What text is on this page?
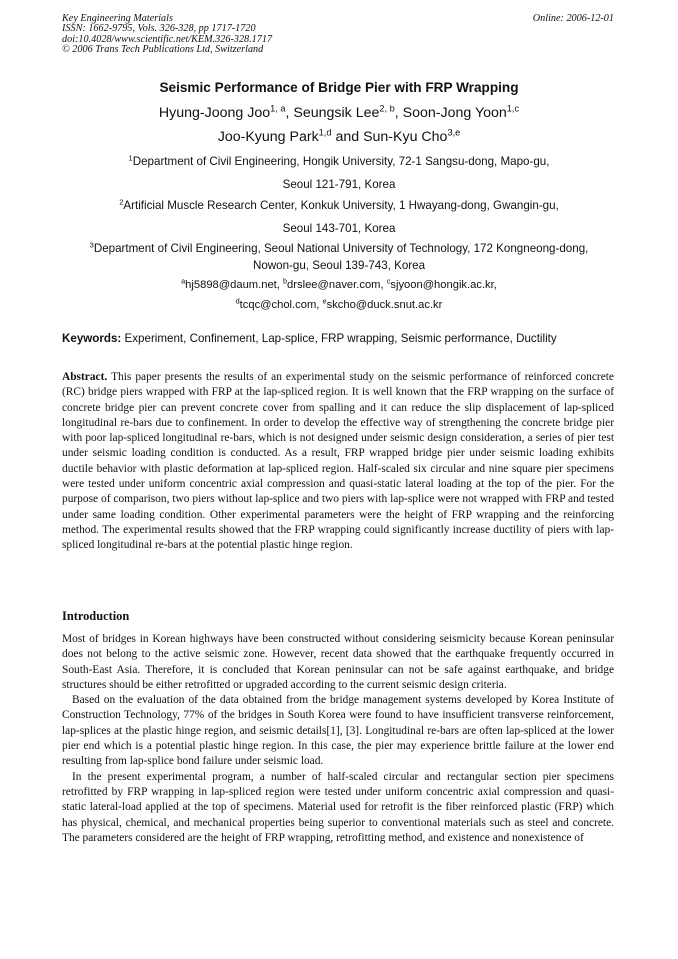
Key Engineering Materials
ISSN: 1662-9795, Vols. 326-328, pp 1717-1720
doi:10.4028/www.scientific.net/KEM.326-328.1717
© 2006 Trans Tech Publications Ltd, Switzerland
Online: 2006-12-01
Seismic Performance of Bridge Pier with FRP Wrapping
Hyung-Joong Joo$^{1, a}$, Seungsik Lee$^{2, b}$, Soon-Jong Yoon$^{1,c}$
Joo-Kyung Park$^{1,d}$ and Sun-Kyu Cho$^{3,e}$
$^1$Department of Civil Engineering, Hongik University, 72-1 Sangsu-dong, Mapo-gu,
Seoul 121-791, Korea
$^2$Artificial Muscle Research Center, Konkuk University, 1 Hwayang-dong, Gwangin-gu,
Seoul 143-701, Korea
$^3$Department of Civil Engineering, Seoul National University of Technology, 172 Kongneong-dong,
Nowon-gu, Seoul 139-743, Korea
$^a$hj5898@daum.net, $^b$drslee@naver.com, $^c$sjyoon@hongik.ac.kr,
$^d$tcqc@chol.com, $^e$skcho@duck.snut.ac.kr
Keywords: Experiment, Confinement, Lap-splice, FRP wrapping, Seismic performance, Ductility

Abstract. This paper presents the results of an experimental study on the seismic performance of reinforced concrete (RC) bridge piers wrapped with FRP at the lap-spliced region. It is well known that the FRP wrapping on the surface of concrete bridge pier can prevent concrete cover from spalling and it can reduce the slip displacement of lap-spliced longitudinal re-bars due to confinement. In order to develop the effective way of strengthening the concrete bridge pier with poor lap-spliced longitudinal re-bars, which is not designed under seismic design consideration, a series of pier test under seismic loading condition is conducted. As a result, FRP wrapped bridge pier under seismic loading exhibits ductile behavior with plastic deformation at lap-spliced region. Half-scaled six circular and nine square pier specimens were tested under uniform concentric axial compression and quasi-static lateral loading at the top of the pier. For the purpose of comparison, two piers without lap-splice and two piers with lap-splice were not wrapped with FRP and tested under same loading condition. Other experimental parameters were the height of FRP wrapping and the reinforcing method. The experimental results showed that the FRP wrapping could significantly increase ductility of piers with lap-spliced longitudinal re-bars at the potential plastic hinge region.

Introduction

Most of bridges in Korean highways have been constructed without considering seismicity because Korean peninsular does not belong to the active seismic zone. However, recent data showed that the earthquake frequently occurred in South-East Asia. Therefore, it is concluded that Korean peninsular can not be safe against earthquake, and bridge structures should be either retrofitted or upgraded according to the current seismic design criteria.

Based on the evaluation of the data obtained from the bridge management systems developed by Korea Institute of Construction Technology, 77% of the bridges in South Korea were found to have insufficient transverse reinforcement, lap-splices at the plastic hinge region, and seismic details[1], [3]. Longitudinal re-bars are often lap-spliced at the lower pier end which is a potential plastic hinge region. In this case, the pier may experience brittle failure at the lower end resulting from lap-splice bond failure under seismic load.

In the present experimental program, a number of half-scaled circular and rectangular section pier specimens retrofitted by FRP wrapping in lap-spliced region were tested under uniform concentric axial compression and quasi-static lateral-load applied at the top of specimens. Material used for retrofit is the fiber reinforced plastic (FRP) which has physical, chemical, and mechanical properties being superior to conventional materials such as steel and concrete. The parameters considered are the height of FRP wrapping, retrofitting method, and existence and nonexistence of
